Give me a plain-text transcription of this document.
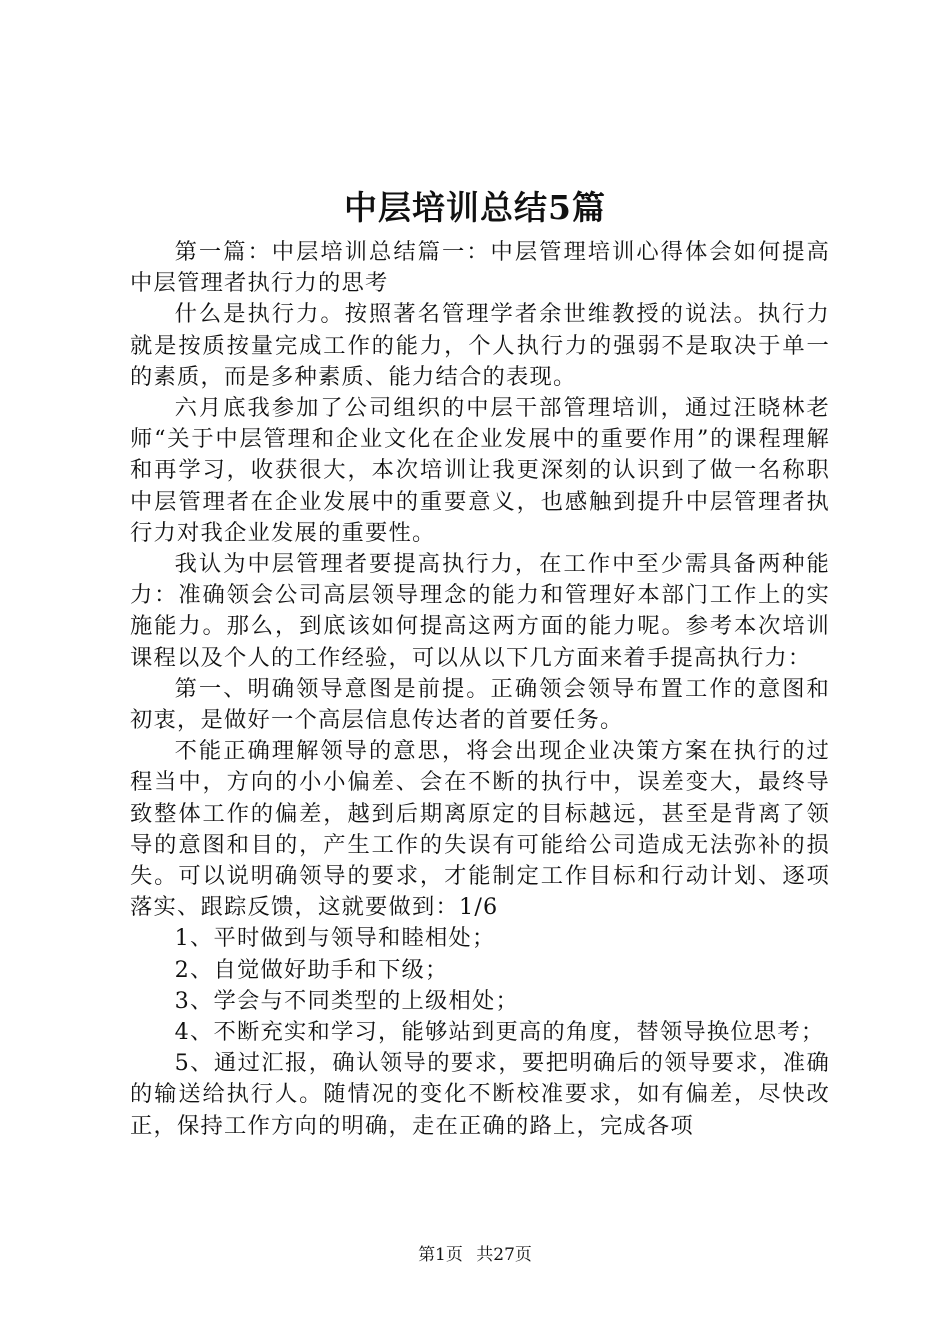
中层培训总结5篇

第一篇：中层培训总结篇一：中层管理培训心得体会如何提高中层管理者执行力的思考

什么是执行力。按照著名管理学者余世维教授的说法。执行力就是按质按量完成工作的能力，个人执行力的强弱不是取决于单一的素质，而是多种素质、能力结合的表现。

六月底我参加了公司组织的中层干部管理培训，通过汪晓林老师“关于中层管理和企业文化在企业发展中的重要作用”的课程理解和再学习，收获很大，本次培训让我更深刻的认识到了做一名称职中层管理者在企业发展中的重要意义，也感触到提升中层管理者执行力对我企业发展的重要性。

我认为中层管理者要提高执行力，在工作中至少需具备两种能力：准确领会公司高层领导理念的能力和管理好本部门工作上的实施能力。那么，到底该如何提高这两方面的能力呢。参考本次培训课程以及个人的工作经验，可以从以下几方面来着手提高执行力：

第一、明确领导意图是前提。正确领会领导布置工作的意图和初衷，是做好一个高层信息传达者的首要任务。

不能正确理解领导的意思，将会出现企业决策方案在执行的过程当中，方向的小小偏差、会在不断的执行中，误差变大，最终导致整体工作的偏差，越到后期离原定的目标越远，甚至是背离了领导的意图和目的，产生工作的失误有可能给公司造成无法弥补的损失。可以说明确领导的要求，才能制定工作目标和行动计划、逐项落实、跟踪反馈，这就要做到：1/6

1、平时做到与领导和睦相处；

2、自觉做好助手和下级；

3、学会与不同类型的上级相处；

4、不断充实和学习，能够站到更高的角度，替领导换位思考；

5、通过汇报，确认领导的要求，要把明确后的领导要求，准确的输送给执行人。随情况的变化不断校准要求，如有偏差，尽快改正，保持工作方向的明确，走在正确的路上，完成各项

第1页 共27页
